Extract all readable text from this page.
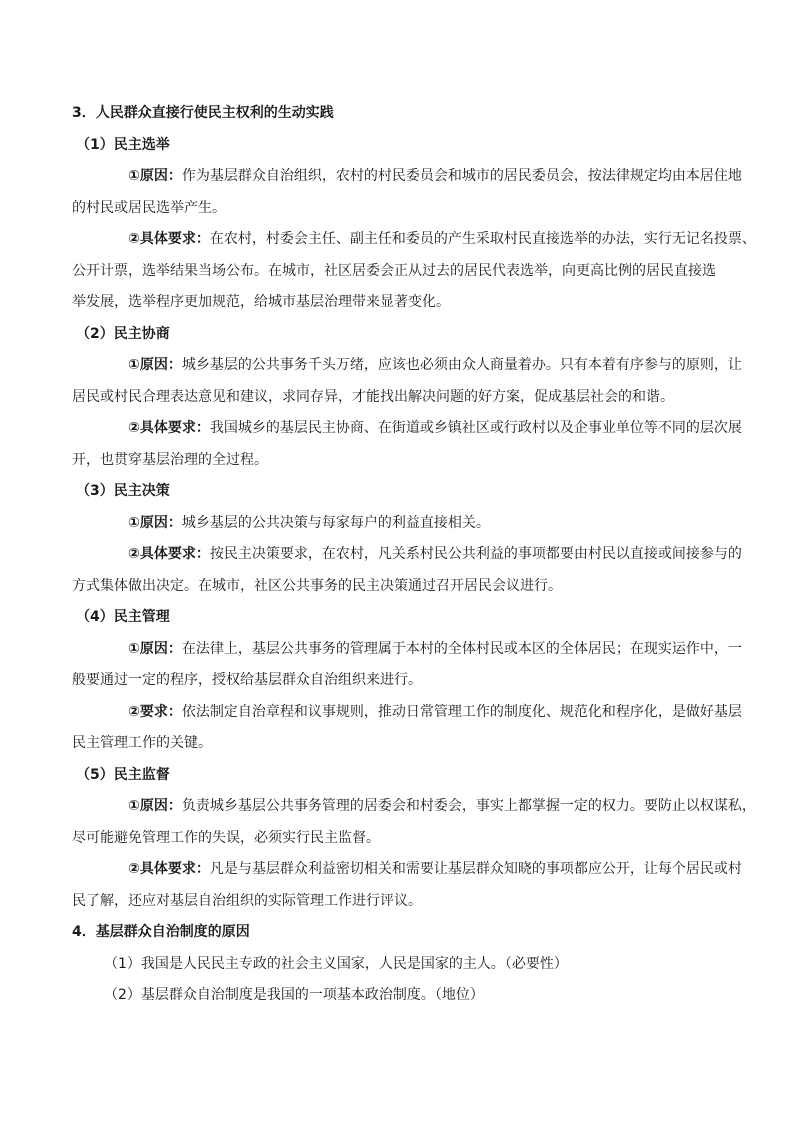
3．人民群众直接行使民主权利的生动实践
（1）民主选举
①原因：作为基层群众自治组织，农村的村民委员会和城市的居民委员会，按法律规定均由本居住地
的村民或居民选举产生。
②具体要求：在农村，村委会主任、副主任和委员的产生采取村民直接选举的办法，实行无记名投票、
公开计票，选举结果当场公布。在城市，社区居委会正从过去的居民代表选举，向更高比例的居民直接选
举发展，选举程序更加规范，给城市基层治理带来显著变化。
（2）民主协商
①原因：城乡基层的公共事务千头万绪，应该也必须由众人商量着办。只有本着有序参与的原则，让
居民或村民合理表达意见和建议，求同存异，才能找出解决问题的好方案，促成基层社会的和谐。
②具体要求：我国城乡的基层民主协商、在街道或乡镇社区或行政村以及企事业单位等不同的层次展
开，也贯穿基层治理的全过程。
（3）民主决策
①原因：城乡基层的公共决策与每家每户的利益直接相关。
②具体要求：按民主决策要求，在农村，凡关系村民公共利益的事项都要由村民以直接或间接参与的
方式集体做出决定。在城市，社区公共事务的民主决策通过召开居民会议进行。
（4）民主管理
①原因：在法律上，基层公共事务的管理属于本村的全体村民或本区的全体居民；在现实运作中，一
般要通过一定的程序，授权给基层群众自治组织来进行。
②要求：依法制定自治章程和议事规则，推动日常管理工作的制度化、规范化和程序化，是做好基层
民主管理工作的关键。
（5）民主监督
①原因：负责城乡基层公共事务管理的居委会和村委会，事实上都掌握一定的权力。要防止以权谋私，
尽可能避免管理工作的失误，必须实行民主监督。
②具体要求：凡是与基层群众利益密切相关和需要让基层群众知晓的事项都应公开，让每个居民或村
民了解，还应对基层自治组织的实际管理工作进行评议。
4．基层群众自治制度的原因
（1）我国是人民民主专政的社会主义国家，人民是国家的主人。（必要性）
（2）基层群众自治制度是我国的一项基本政治制度。（地位）
